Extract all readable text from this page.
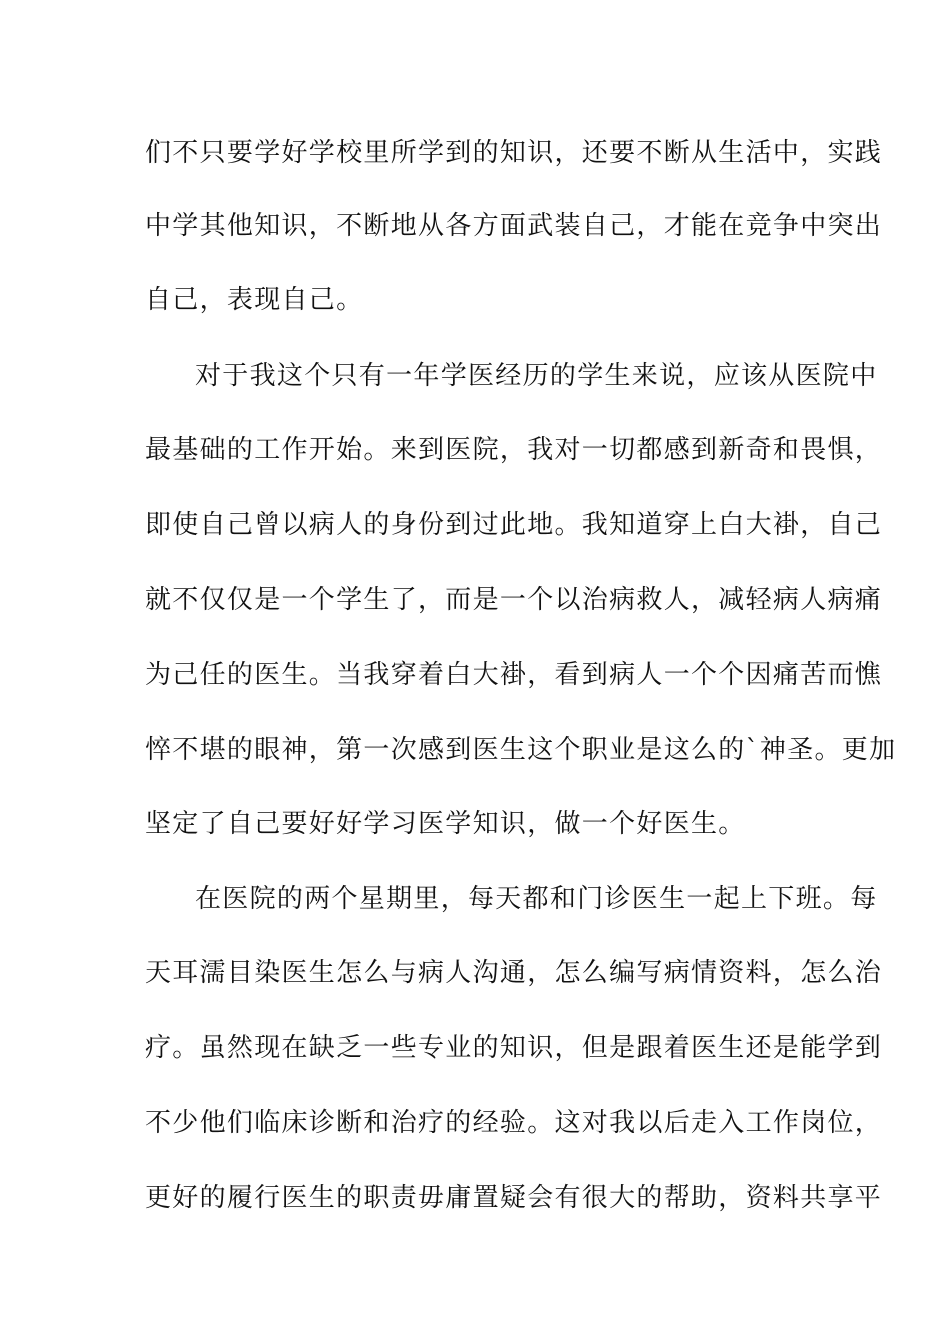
们不只要学好学校里所学到的知识，还要不断从生活中，实践
中学其他知识，不断地从各方面武装自己，才能在竞争中突出
自己，表现自己。
对于我这个只有一年学医经历的学生来说，应该从医院中
最基础的工作开始。来到医院，我对一切都感到新奇和畏惧，
即使自己曾以病人的身份到过此地。我知道穿上白大褂，自己
就不仅仅是一个学生了，而是一个以治病救人，减轻病人病痛
为己任的医生。当我穿着白大褂，看到病人一个个因痛苦而憔
悴不堪的眼神，第一次感到医生这个职业是这么的`神圣。更加
坚定了自己要好好学习医学知识，做一个好医生。
在医院的两个星期里，每天都和门诊医生一起上下班。每
天耳濡目染医生怎么与病人沟通，怎么编写病情资料，怎么治
疗。虽然现在缺乏一些专业的知识，但是跟着医生还是能学到
不少他们临床诊断和治疗的经验。这对我以后走入工作岗位，
更好的履行医生的职责毋庸置疑会有很大的帮助，资料共享平
